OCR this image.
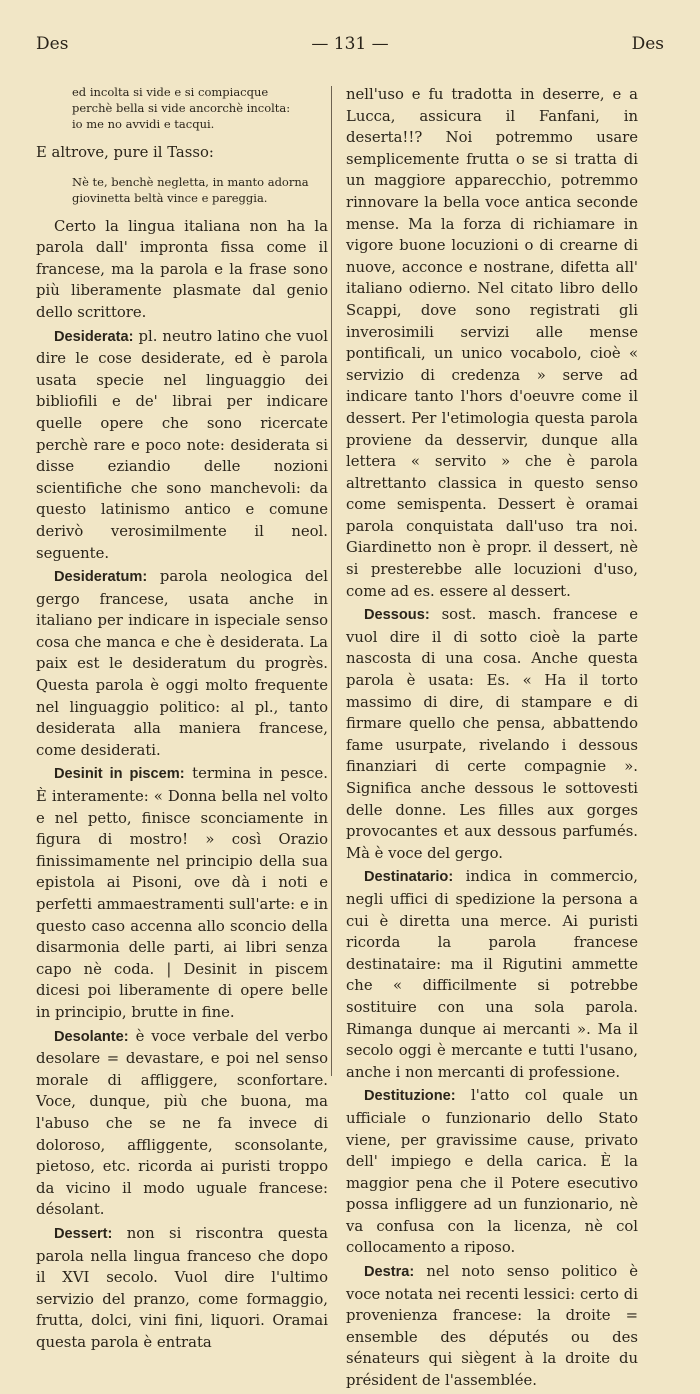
Des	— 131 —	Des
ed incolta si vide e si compiacque
perchè bella si vide ancorchè incolta:
io me no avvidi e tacqui.

E altrove, pure il Tasso:

Nè te, benchè negletta, in manto adorna
giovinetta beltà vince e pareggia.

Certo la lingua italiana non ha la parola dall' impronta fissa come il francese, ma la parola e la frase sono più liberamente plasmate dal genio dello scrittore.

Desiderata: pl. neutro latino che vuol dire le cose desiderate, ed è parola usata specie nel linguaggio dei bibliofili e de' librai per indicare quelle opere che sono ricercate perchè rare e poco note: desiderata si disse eziandio delle nozioni scientifiche che sono manchevoli: da questo latinismo antico e comune derivò verosimilmente il neol. seguente.

Desideratum: parola neologica del gergo francese, usata anche in italiano per indicare in ispeciale senso cosa che manca e che è desiderata. La paix est le desideratum du progrès. Questa parola è oggi molto frequente nel linguaggio politico: al pl., tanto desiderata alla maniera francese, come desiderati.

Desinit in piscem: termina in pesce. È interamente: « Donna bella nel volto e nel petto, finisce sconciamente in figura di mostro! » così Orazio finissimamente nel principio della sua epistola ai Pisoni, ove dà i noti e perfetti ammaestramenti sull'arte: e in questo caso accenna allo sconcio della disarmonia delle parti, ai libri senza capo nè coda. | Desinit in piscem dicesi poi liberamente di opere belle in principio, brutte in fine.

Desolante: è voce verbale del verbo desolare = devastare, e poi nel senso morale di affliggere, sconfortare. Voce, dunque, più che buona, ma l'abuso che se ne fa invece di doloroso, affliggente, sconsolante, pietoso, etc. ricorda ai puristi troppo da vicino il modo uguale francese: désolant.

Dessert: non si riscontra questa parola nella lingua franceso che dopo il XVI secolo. Vuol dire l'ultimo servizio del pranzo, come formaggio, frutta, dolci, vini fini, liquori. Oramai questa parola è entrata

nell'uso e fu tradotta in deserre, e a Lucca, assicura il Fanfani, in deserta!!? Noi potremmo usare semplicemente frutta o se si tratta di un maggiore apparecchio, potremmo rinnovare la bella voce antica seconde mense. Ma la forza di richiamare in vigore buone locuzioni o di crearne di nuove, acconce e nostrane, difetta all' italiano odierno. Nel citato libro dello Scappi, dove sono registrati gli inverosimili servizi alle mense pontificali, un unico vocabolo, cioè « servizio di credenza » serve ad indicare tanto l'hors d'oeuvre come il dessert. Per l'etimologia questa parola proviene da desservir, dunque alla lettera « servito » che è parola altrettanto classica in questo senso come semispenta. Dessert è oramai parola conquistata dall'uso tra noi. Giardinetto non è propr. il dessert, nè si presterebbe alle locuzioni d'uso, come ad es. essere al dessert.

Dessous: sost. masch. francese e vuol dire il di sotto cioè la parte nascosta di una cosa. Anche questa parola è usata: Es. « Ha il torto massimo di dire, di stampare e di firmare quello che pensa, abbattendo fame usurpate, rivelando i dessous finanziari di certe compagnie ». Significa anche dessous le sottovesti delle donne. Les filles aux gorges provocantes et aux dessous parfumés. Mà è voce del gergo.

Destinatario: indica in commercio, negli uffici di spedizione la persona a cui è diretta una merce. Ai puristi ricorda la parola francese destinataire: ma il Rigutini ammette che « difficilmente si potrebbe sostituire con una sola parola. Rimanga dunque ai mercanti ». Ma il secolo oggi è mercante e tutti l'usano, anche i non mercanti di professione.

Destituzione: l'atto col quale un ufficiale o funzionario dello Stato viene, per gravissime cause, privato dell' impiego e della carica. È la maggior pena che il Potere esecutivo possa infliggere ad un funzionario, nè va confusa con la licenza, nè col collocamento a riposo.

Destra: nel noto senso politico è voce notata nei recenti lessici: certo di provenienza francese: la droite = ensemble des députés ou des sénateurs qui siègent à la droite du président de l'assemblée.
